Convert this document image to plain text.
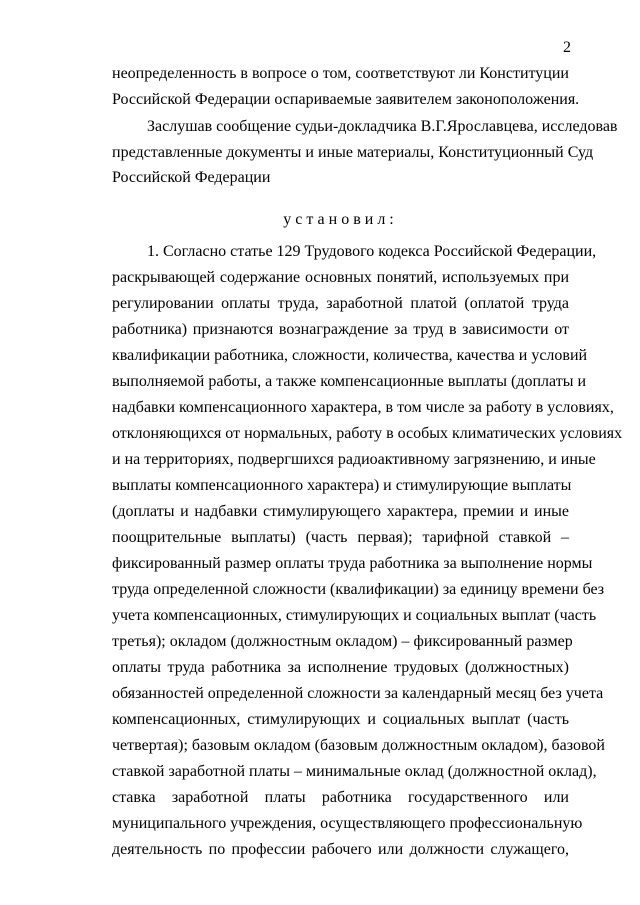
2
неопределенность в вопросе о том, соответствуют ли Конституции
Российской Федерации оспариваемые заявителем законоположения.
Заслушав сообщение судьи-докладчика В.Г.Ярославцева, исследовав
представленные документы и иные материалы, Конституционный Суд
Российской Федерации
установил:
1. Согласно статье 129 Трудового кодекса Российской Федерации,
раскрывающей содержание основных понятий, используемых при
регулировании оплаты труда, заработной платой (оплатой труда
работника) признаются вознаграждение за труд в зависимости от
квалификации работника, сложности, количества, качества и условий
выполняемой работы, а также компенсационные выплаты (доплаты и
надбавки компенсационного характера, в том числе за работу в условиях,
отклоняющихся от нормальных, работу в особых климатических условиях
и на территориях, подвергшихся радиоактивному загрязнению, и иные
выплаты компенсационного характера) и стимулирующие выплаты
(доплаты и надбавки стимулирующего характера, премии и иные
поощрительные выплаты) (часть первая); тарифной ставкой –
фиксированный размер оплаты труда работника за выполнение нормы
труда определенной сложности (квалификации) за единицу времени без
учета компенсационных, стимулирующих и социальных выплат (часть
третья); окладом (должностным окладом) – фиксированный размер
оплаты труда работника за исполнение трудовых (должностных)
обязанностей определенной сложности за календарный месяц без учета
компенсационных, стимулирующих и социальных выплат (часть
четвертая); базовым окладом (базовым должностным окладом), базовой
ставкой заработной платы – минимальные оклад (должностной оклад),
ставка заработной платы работника государственного или
муниципального учреждения, осуществляющего профессиональную
деятельность по профессии рабочего или должности служащего,
